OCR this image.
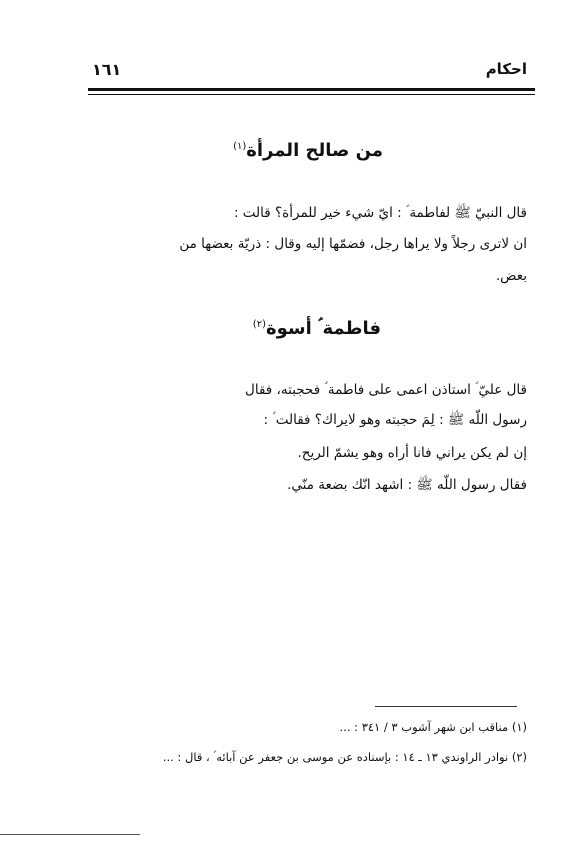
١٦١	احكام
من صالح المرأة$^{(١)}$
قال النبيّ ﷺ لفاطمة ؑ : ايّ شيء خير للمرأة؟ قالت :
ان لاترى رجلاً ولا يراها رجل، فضمّها إليه وقال : ذريّة بعضها من
بعض.
فاطمة ؑ أسوة$^{(٢)}$
قال عليّ ؑ استاذن اعمى على فاطمة ؑ فحجبته، فقال
رسول اللّه ﷺ : لِمَ حجبته وهو لايراك؟ فقالت ؑ :
إن لم يكن يراني فانا أراه وهو يشمّ الريح.
فقال رسول اللّه ﷺ : اشهد انّك بضعة منّي.
(١) مناقب ابن شهر آشوب ٣ / ٣٤١ : ...
(٢) نوادر الراوندي ١٣ ـ ١٤ : بإسناده عن موسى بن جعفر عن آبائه ؑ ، قال : ...
